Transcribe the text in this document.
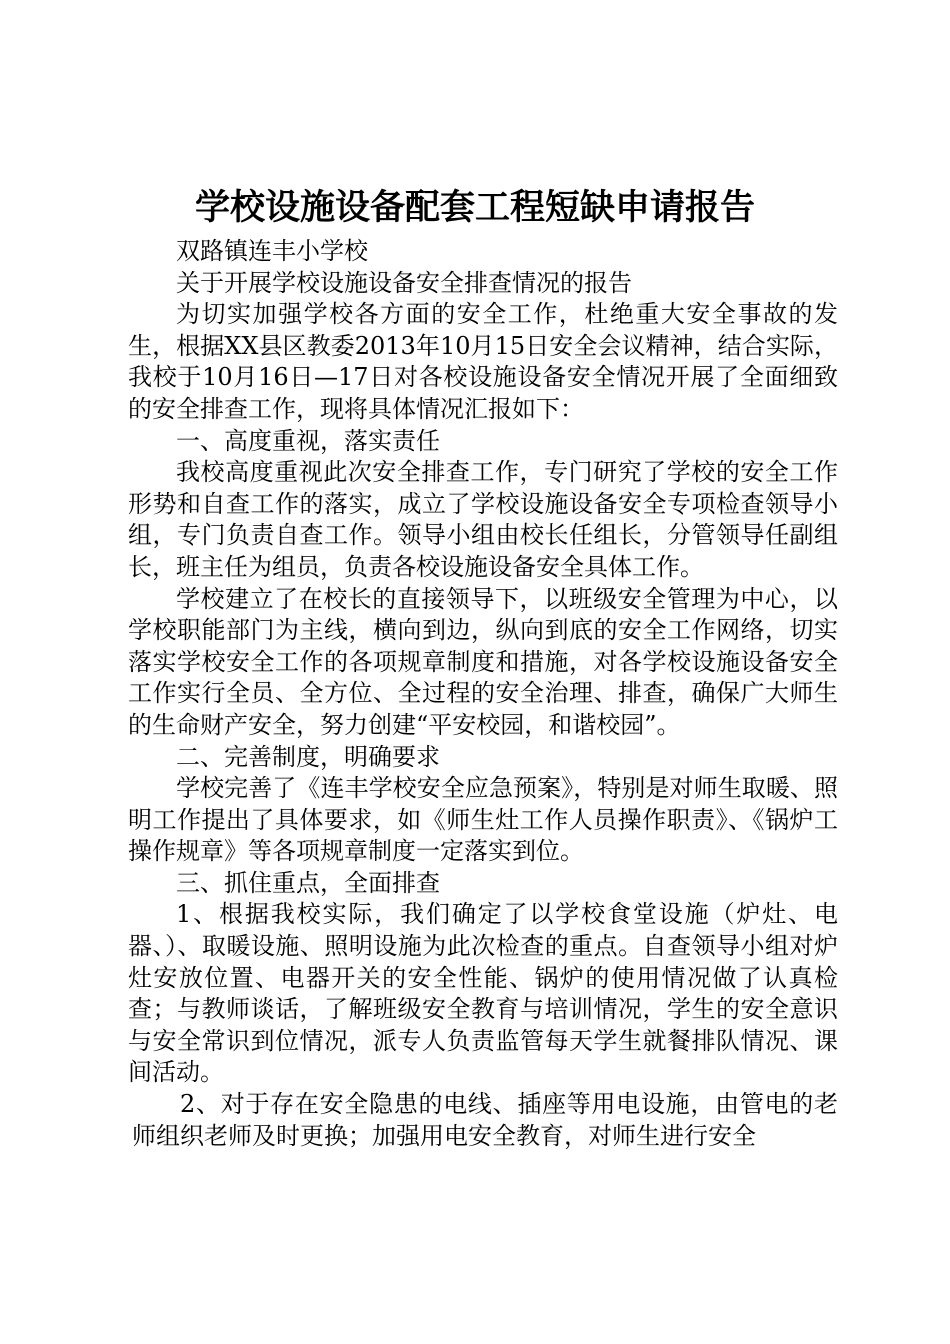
学校设施设备配套工程短缺申请报告

双路镇连丰小学校

关于开展学校设施设备安全排查情况的报告

为切实加强学校各方面的安全工作，杜绝重大安全事故的发生，根据XX县区教委2013年10月15日安全会议精神，结合实际，我校于10月16日—17日对各校设施设备安全情况开展了全面细致的安全排查工作，现将具体情况汇报如下：

一、高度重视，落实责任

我校高度重视此次安全排查工作，专门研究了学校的安全工作形势和自查工作的落实，成立了学校设施设备安全专项检查领导小组，专门负责自查工作。领导小组由校长任组长，分管领导任副组长，班主任为组员，负责各校设施设备安全具体工作。

学校建立了在校长的直接领导下，以班级安全管理为中心，以学校职能部门为主线，横向到边，纵向到底的安全工作网络，切实落实学校安全工作的各项规章制度和措施，对各学校设施设备安全工作实行全员、全方位、全过程的安全治理、排查，确保广大师生的生命财产安全，努力创建“平安校园，和谐校园”。

二、完善制度，明确要求

学校完善了《连丰学校安全应急预案》，特别是对师生取暖、照明工作提出了具体要求，如《师生灶工作人员操作职责》、《锅炉工操作规章》等各项规章制度一定落实到位。

三、抓住重点，全面排查

1、根据我校实际，我们确定了以学校食堂设施（炉灶、电器、）、取暖设施、照明设施为此次检查的重点。自查领导小组对炉灶安放位置、电器开关的安全性能、锅炉的使用情况做了认真检查；与教师谈话，了解班级安全教育与培训情况，学生的安全意识与安全常识到位情况，派专人负责监管每天学生就餐排队情况、课间活动。

2、对于存在安全隐患的电线、插座等用电设施，由管电的老师组织老师及时更换；加强用电安全教育，对师生进行安全
